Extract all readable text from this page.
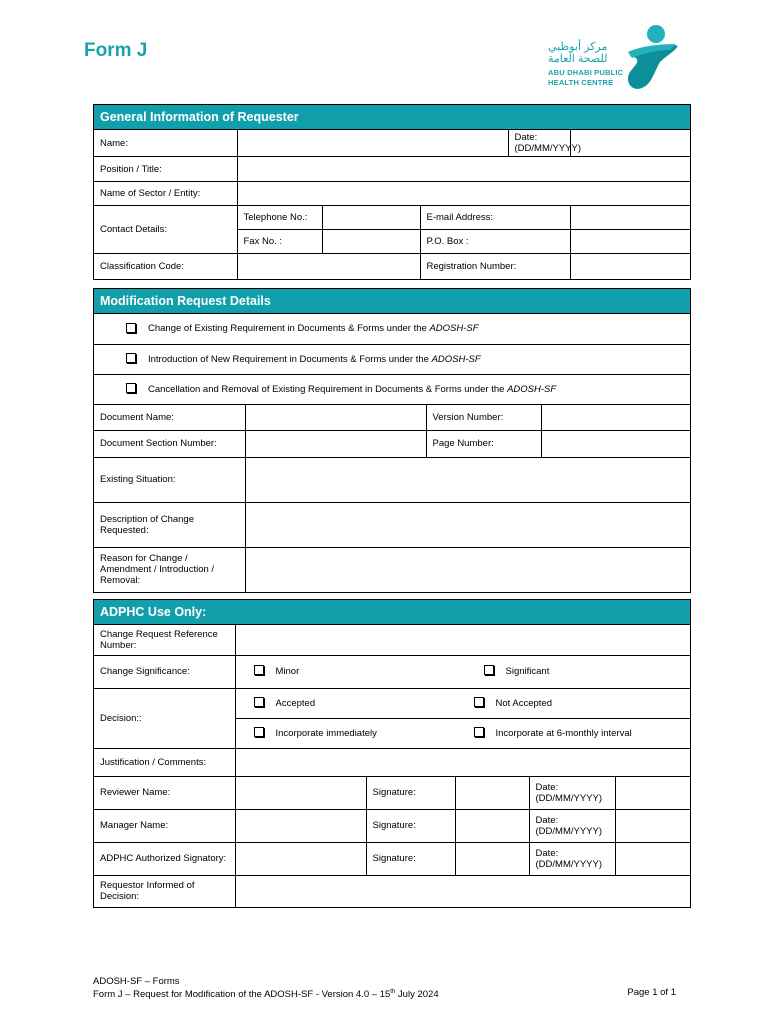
Form J	مركز أبوظبي
للصحة العامة
ABU DHABI PUBLIC
HEALTH CENTRE
General Information of Requester
Name:				Date:
(DD/MM/YYYY)	
Position / Title:					
Name of Sector / Entity:					
Contact Details:	Telephone No.:		E-mail Address:		
	Fax No. :		P.O. Box :		
Classification Code:			Registration Number:		
Modification Request Details
Change of Existing Requirement in Documents & Forms under the ADOSH-SF			
Introduction of New Requirement in Documents & Forms under the ADOSH-SF			
Cancellation and Removal of Existing Requirement in Documents & Forms under the ADOSH-SF			
Document Name:		Version Number:	
Document Section Number:		Page Number:	
Existing Situation:			
Description of Change Requested:			
Reason for Change / Amendment / Introduction / Removal:			
ADPHC Use Only:
Change Request Reference Number:					
Change Significance:	Minor Significant				
Decision::	Accepted Not Accepted				
	Incorporate immediately Incorporate at 6-monthly interval				
Justification / Comments:					
Reviewer Name:		Signature:		Date:
(DD/MM/YYYY)	
Manager Name:		Signature:		Date:
(DD/MM/YYYY)	
ADPHC Authorized Signatory:		Signature:		Date:
(DD/MM/YYYY)	
Requestor Informed of Decision:					
ADOSH-SF – Forms
Form J – Request for Modification of the ADOSH-SF - Version 4.0 – 15th July 2024	Page 1 of 1
